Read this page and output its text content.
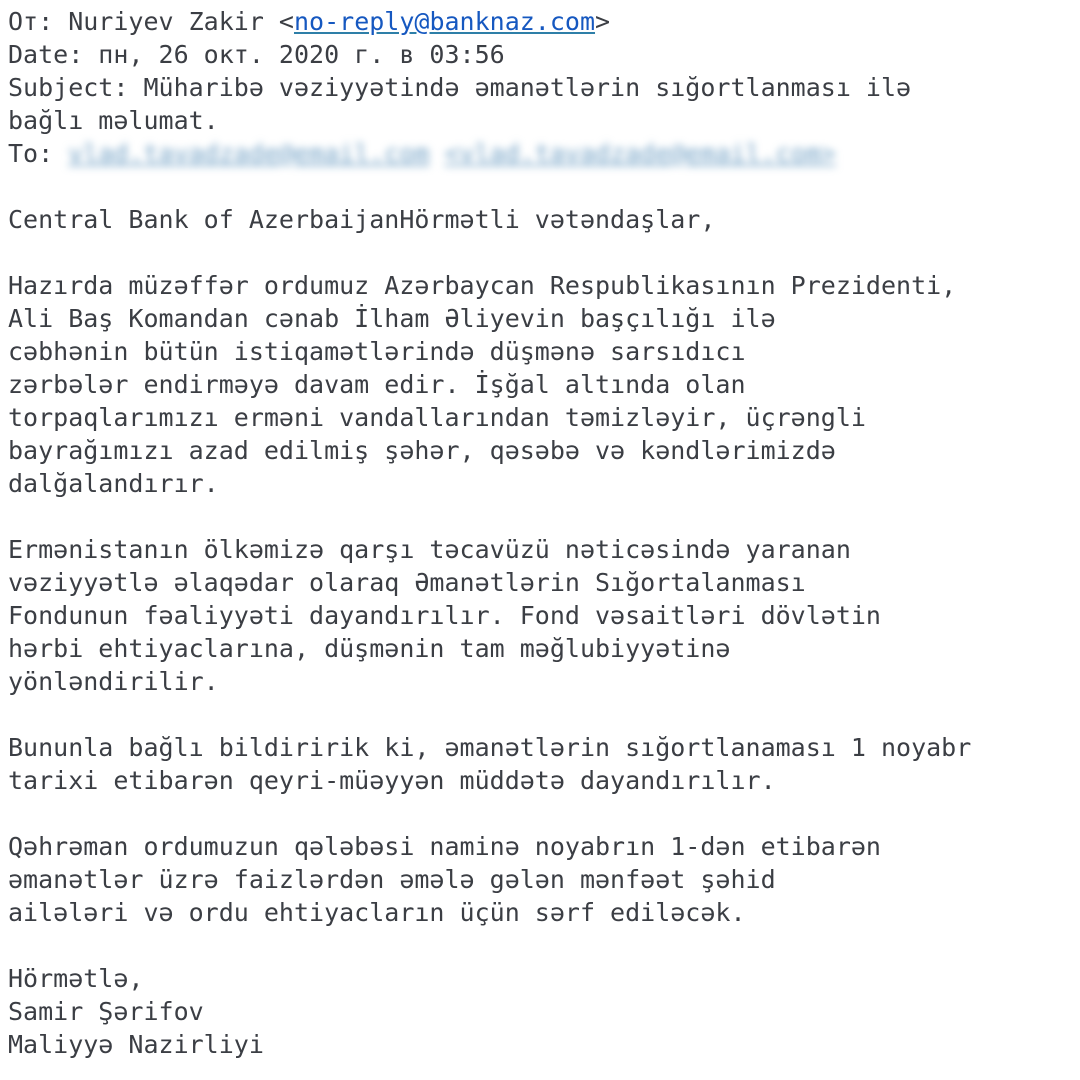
От: Nuriyev Zakir <no-reply@banknaz.com>
Date: пн, 26 окт. 2020 г. в 03:56
Subject: Müharibə vəziyyətində əmanətlərin sığortlanması ilə
bağlı məlumat.
To: vlad.tavadzade@email.com <vlad.tavadzade@email.com>
Central Bank of AzerbaijanHörmətli vətəndaşlar,
Hazırda müzəffər ordumuz Azərbaycan Respublikasının Prezidenti,
Ali Baş Komandan cənab İlham Əliyevin başçılığı ilə
cəbhənin bütün istiqamətlərində düşmənə sarsıdıcı
zərbələr endirməyə davam edir. İşğal altında olan
torpaqlarımızı erməni vandallarından təmizləyir, üçrəngli
bayrağımızı azad edilmiş şəhər, qəsəbə və kəndlərimizdə
dalğalandırır.
Ermənistanın ölkəmizə qarşı təcavüzü nəticəsində yaranan
vəziyyətlə əlaqədar olaraq Əmanətlərin Sığortalanması
Fondunun fəaliyyəti dayandırılır. Fond vəsaitləri dövlətin
hərbi ehtiyaclarına, düşmənin tam məğlubiyyətinə
yönləndirilir.
Bununla bağlı bildiririk ki, əmanətlərin sığortlanaması 1 noyabr
tarixi etibarən qeyri-müəyyən müddətə dayandırılır.
Qəhrəman ordumuzun qələbəsi naminə noyabrın 1-dən etibarən
əmanətlər üzrə faizlərdən əmələ gələn mənfəət şəhid
ailələri və ordu ehtiyacların üçün sərf ediləcək.
Hörmətlə,
Samir Şərifov
Maliyyə Nazirliyi
